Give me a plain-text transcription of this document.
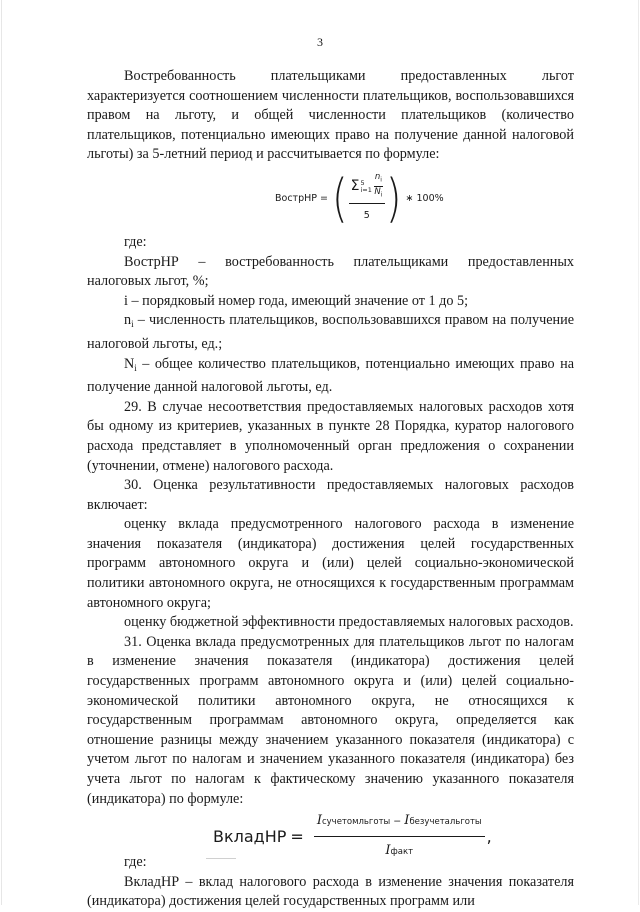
3

Востребованность плательщиками предоставленных льгот характеризуется соотношением численности плательщиков, воспользовавшихся правом на льготу, и общей численности плательщиков (количество плательщиков, потенциально имеющих право на получение данной налоговой льготы) за 5-летний период и рассчитывается по формуле:

ВострНР = ( Σ 5
$i=1 \frac{n_i}{N_i}$
5 ) ∗ 100%

где:

ВострНР – востребованность плательщиками предоставленных налоговых льгот, %;

i – порядковый номер года, имеющий значение от 1 до 5;

$n_i$ – численность плательщиков, воспользовавшихся правом на получение налоговой льготы, ед.;

$N_i$ – общее количество плательщиков, потенциально имеющих право на получение данной налоговой льготы, ед.

29. В случае несоответствия предоставляемых налоговых расходов хотя бы одному из критериев, указанных в пункте 28 Порядка, куратор налогового расхода представляет в уполномоченный орган предложения о сохранении (уточнении, отмене) налогового расхода.

30. Оценка результативности предоставляемых налоговых расходов включает:

оценку вклада предусмотренного налогового расхода в изменение значения показателя (индикатора) достижения целей государственных программ автономного округа и (или) целей социально-экономической политики автономного округа, не относящихся к государственным программам автономного округа;

оценку бюджетной эффективности предоставляемых налоговых расходов.

31. Оценка вклада предусмотренных для плательщиков льгот по налогам в изменение значения показателя (индикатора) достижения целей государственных программ автономного округа и (или) целей социально-экономической политики автономного округа, не относящихся к государственным программам автономного округа, определяется как отношение разницы между значением указанного показателя (индикатора) с учетом льгот по налогам и значением указанного показателя (индикатора) без учета льгот по налогам к фактическому значению указанного показателя (индикатора) по формуле:

ВкладНР = $\frac{\text{Iсучетомльготы − Iбезучетальготы}}{\text{Iфакт}}$ ,

где:

ВкладНР – вклад налогового расхода в изменение значения показателя (индикатора) достижения целей государственных программ или
